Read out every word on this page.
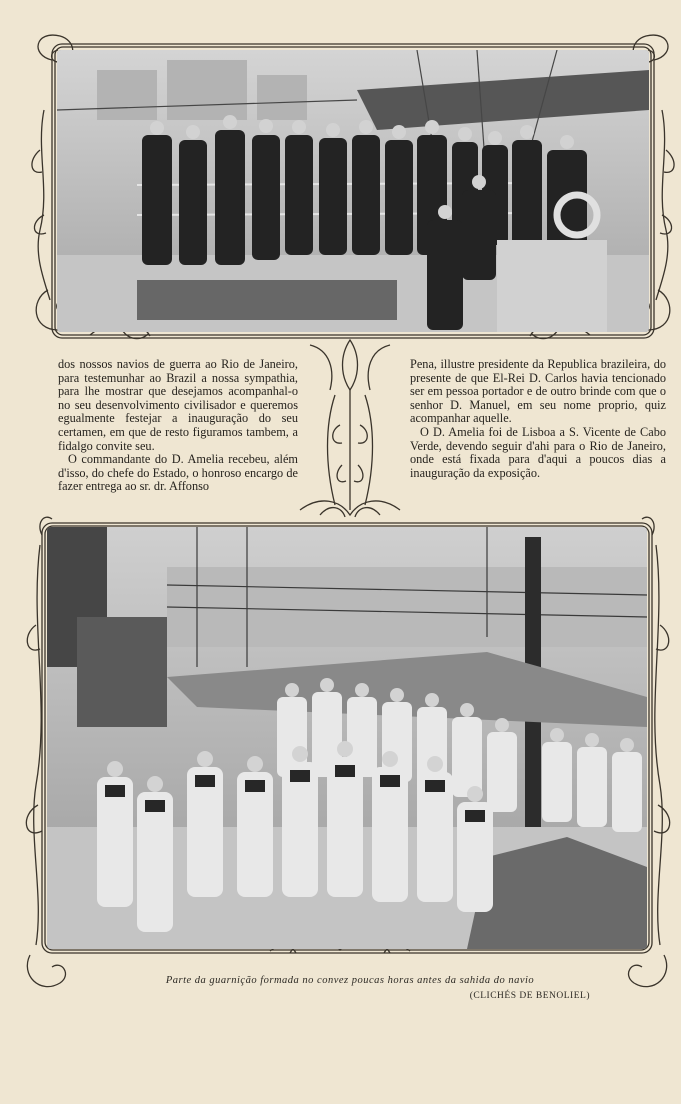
dos nossos navios de guerra ao Rio de Janeiro, para testemunhar ao Brazil a nossa sympathia, para lhe mostrar que desejamos acompanhal-o no seu desenvolvimento civilisador e queremos egualmente festejar a inauguração do seu certamen, em que de resto figuramos tambem, a fidalgo convite seu.

O commandante do D. Amelia recebeu, além d'isso, do chefe do Estado, o honroso encargo de fazer entrega ao sr. dr. Affonso

Pena, illustre presidente da Republica brazileira, do presente de que El-Rei D. Carlos havia tencionado ser em pessoa portador e de outro brinde com que o senhor D. Manuel, em seu nome proprio, quiz acompanhar aquelle.

O D. Amelia foi de Lisboa a S. Vicente de Cabo Verde, devendo seguir d'ahi para o Rio de Janeiro, onde está fixada para d'aqui a poucos dias a inauguração da exposição.

Parte da guarnição formada no convez poucas horas antes da sahida do navio
(CLICHÉS DE BENOLIEL)
